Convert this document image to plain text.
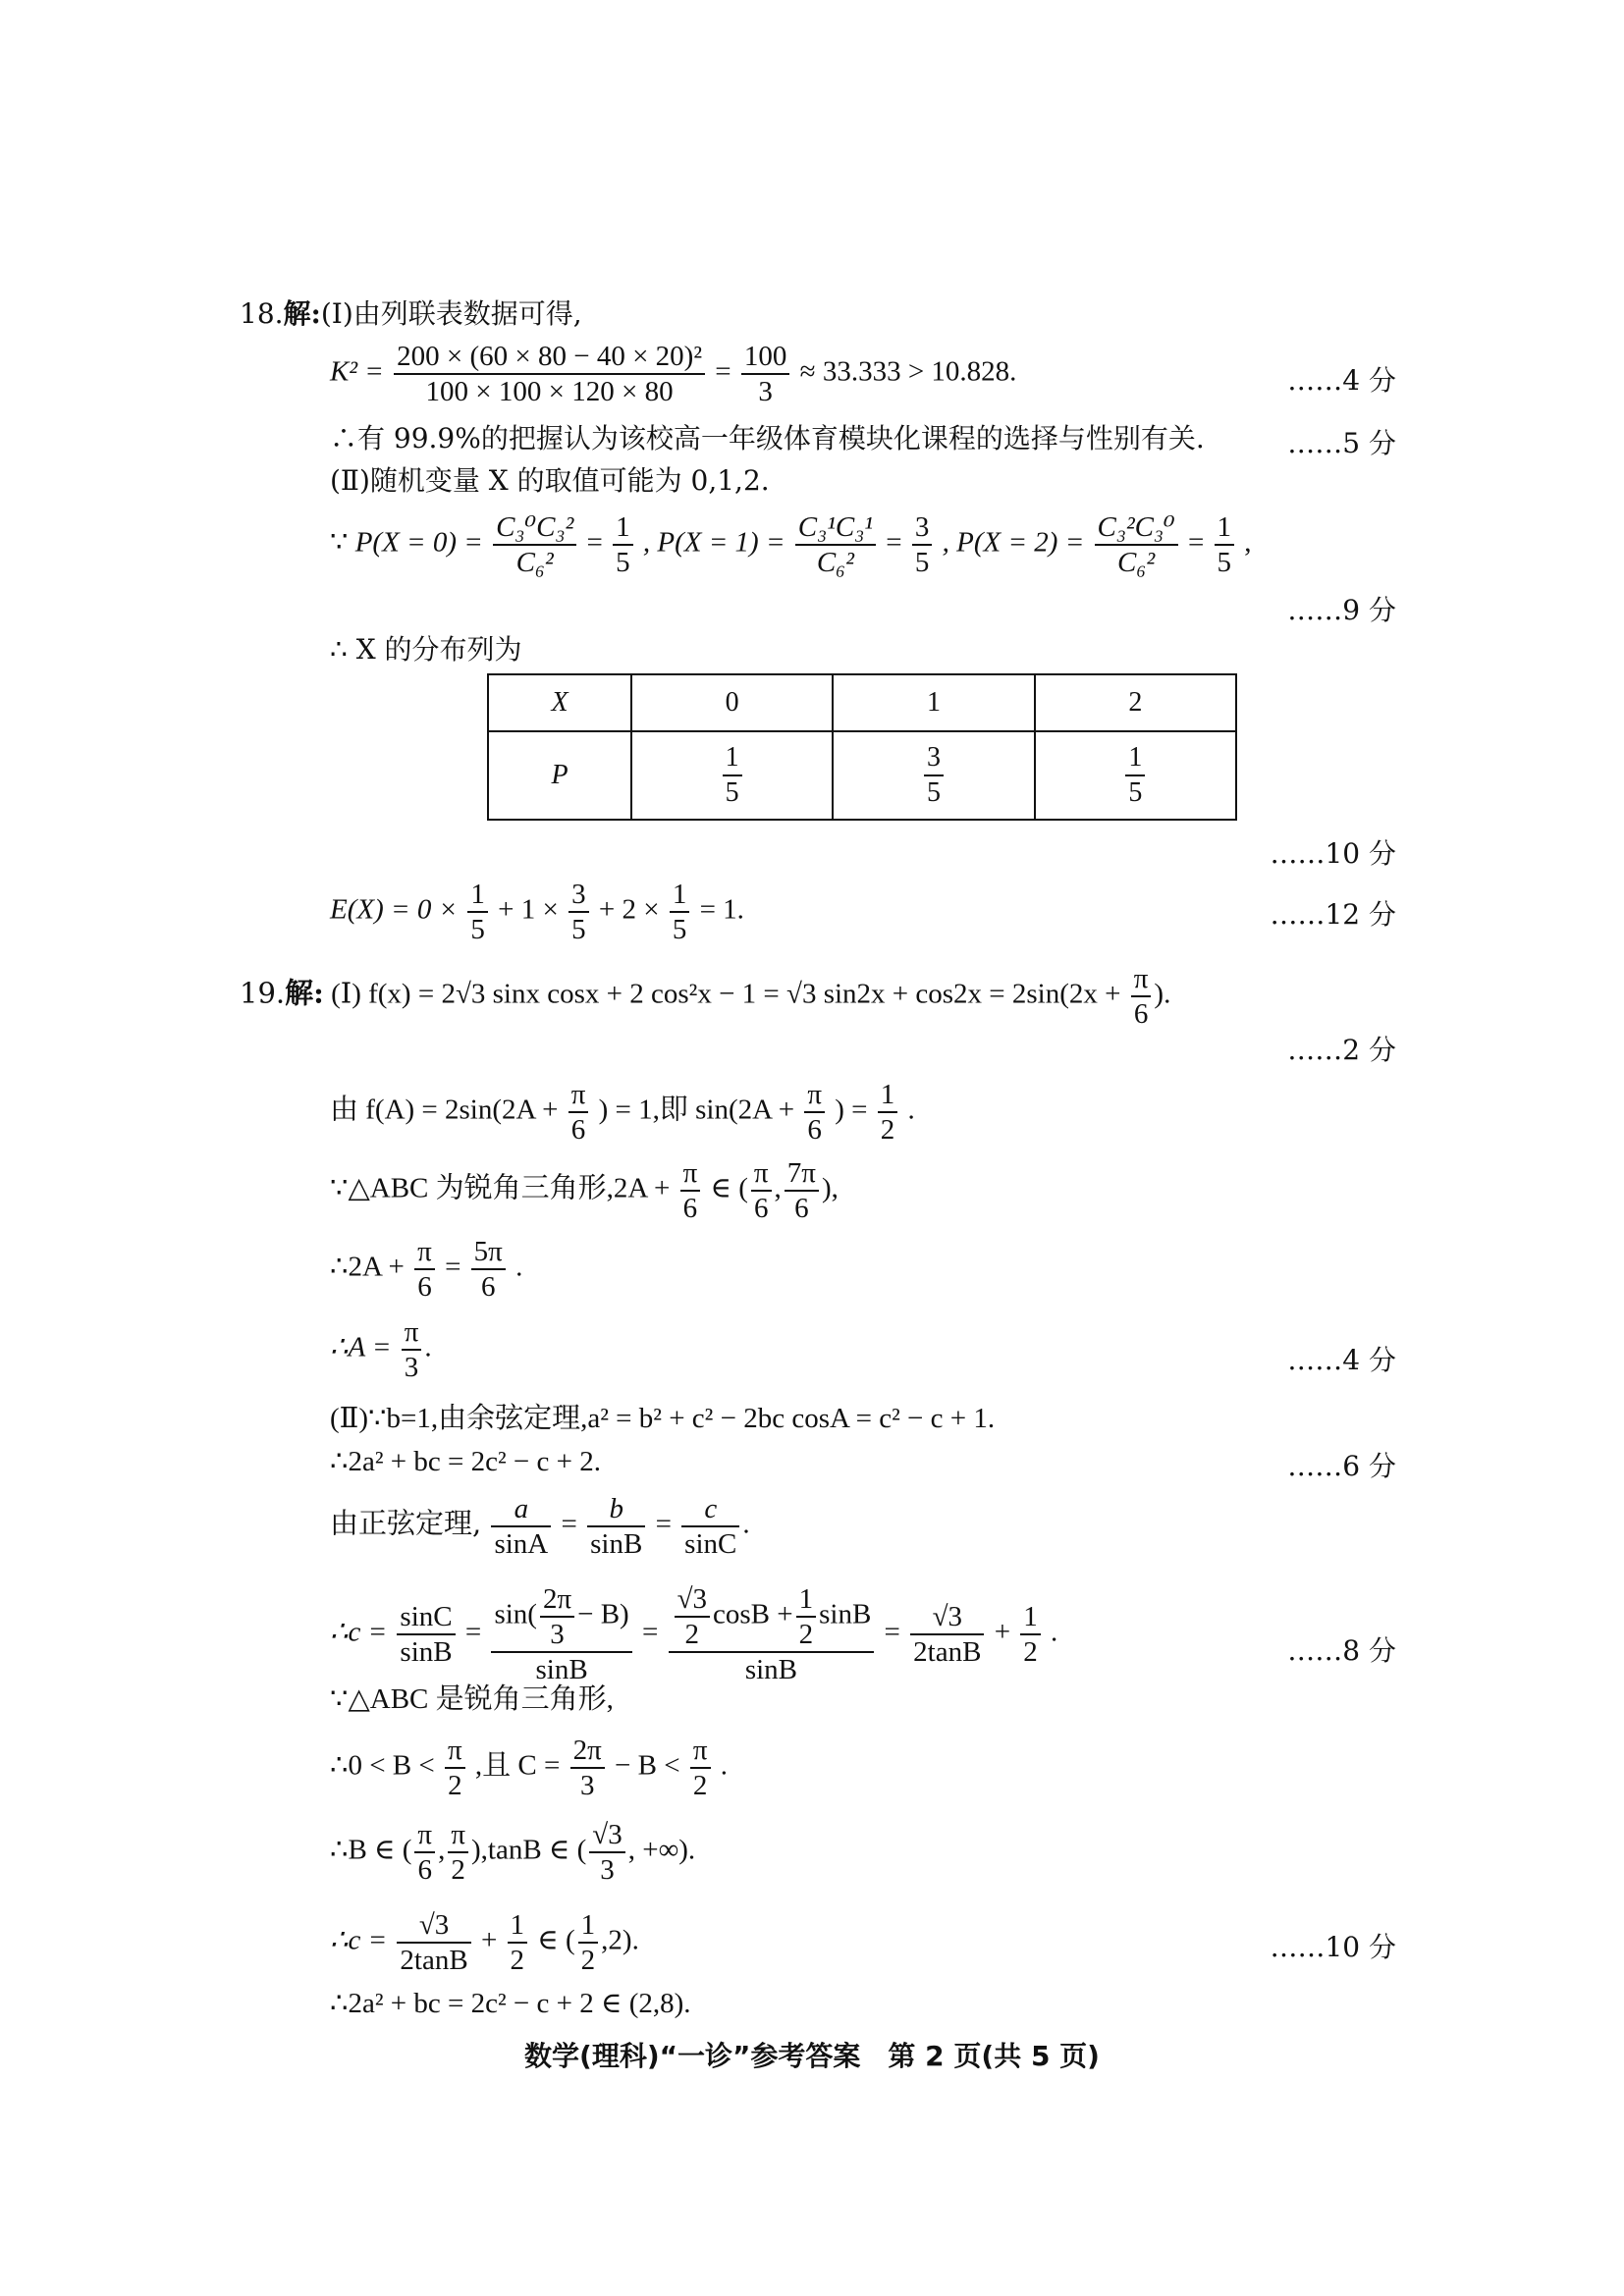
18.解:(Ⅰ)由列联表数据可得,
$K^2 = \frac{\text{200 × (60 × 80 − 40 × 20)²}}{100 \times 100 \times 120 \times 80} = \frac{100}{3} \approx 33.333 > 10.828$.	……4 分
∴有 99.9%的把握认为该校高一年级体育模块化课程的选择与性别有关.	……5 分
(Ⅱ)随机变量 X 的取值可能为 0,1,2.
∵ $P(X = 0) = \frac{\text{C₃⁰C₃²}}{\text{C₆²}} = \frac{1}{5}$ , $P(X = 1) = \frac{\text{C₃¹C₃¹}}{\text{C₆²}} = \frac{3}{5}$ , $P(X = 2) = \frac{\text{C₃²C₃⁰}}{\text{C₆²}} = \frac{1}{5}$ ,
……9 分
∴ X 的分布列为
X	0	1	2
P	$\frac{1}{5}$	$\frac{3}{5}$	$\frac{1}{5}$
……10 分
$E(X) = 0 \times \frac{1}{5} + 1 \times \frac{3}{5} + 2 \times \frac{1}{5} = 1$.	……12 分
19.解: (Ⅰ) f(x) = 2√3 sinx cosx + 2 cos²x − 1 = √3 $\sin 2x + \cos 2x = 2\sin(2x + \frac{\pi}{6}$ ).
……2 分
由 $f(A) = 2\sin(2A + \frac{\pi}{6}$ ) = 1,即 $\sin(2A + \frac{\pi}{6}$ ) = $\frac{1}{2}$ .
∵△ABC 为锐角三角形$,2A + \frac{\pi}{6}$ ∈ ( $\frac{\pi}{6}$ , $\frac{7\pi}{6}$ ),
∴2A + $\frac{\pi}{6} = \frac{5\pi}{6}$ .
∴A = $\frac{\pi}{3}$ .	……4 分
(Ⅱ)∵b=1,由余弦定理,a² = b² + c² − 2bc cosA = c² − c + 1.
∴2a² + bc = 2c² − c + 2.	……6 分
由正弦定理, $\frac{a}{\sin A} = \frac{b}{\sin B} = \frac{c}{\sin C}$ .
∴c = $\frac{\sin C}{\sin B} = \frac{\sin( \frac{2\pi}{3} - B)}{\sin B} = \frac{\frac{√3}{2} \cos B + \frac{1}{2} \sin B}{\sin B} = \frac{√3}{2\tan B} + \frac{1}{2}$ .
……8 分
∵△ABC 是锐角三角形,
∴0 < $B < \frac{\pi}{2}$ ,且 $C = \frac{2\pi}{3} - B < \frac{\pi}{2}$ .
∴B ∈ ( $\frac{\pi}{6}$ , $\frac{\pi}{2} ),\tan B$ ∈ ( $\frac{√3}{3}$ , +∞).
∴c = $\frac{√3}{2\tan B} + \frac{1}{2}$ ∈ ( $\frac{1}{2} ,2$).	……10 分
∴2a² + bc = 2c² − c + 2 ∈ (2,8).
数学(理科)“一诊”参考答案　第 2 页(共 5 页)
